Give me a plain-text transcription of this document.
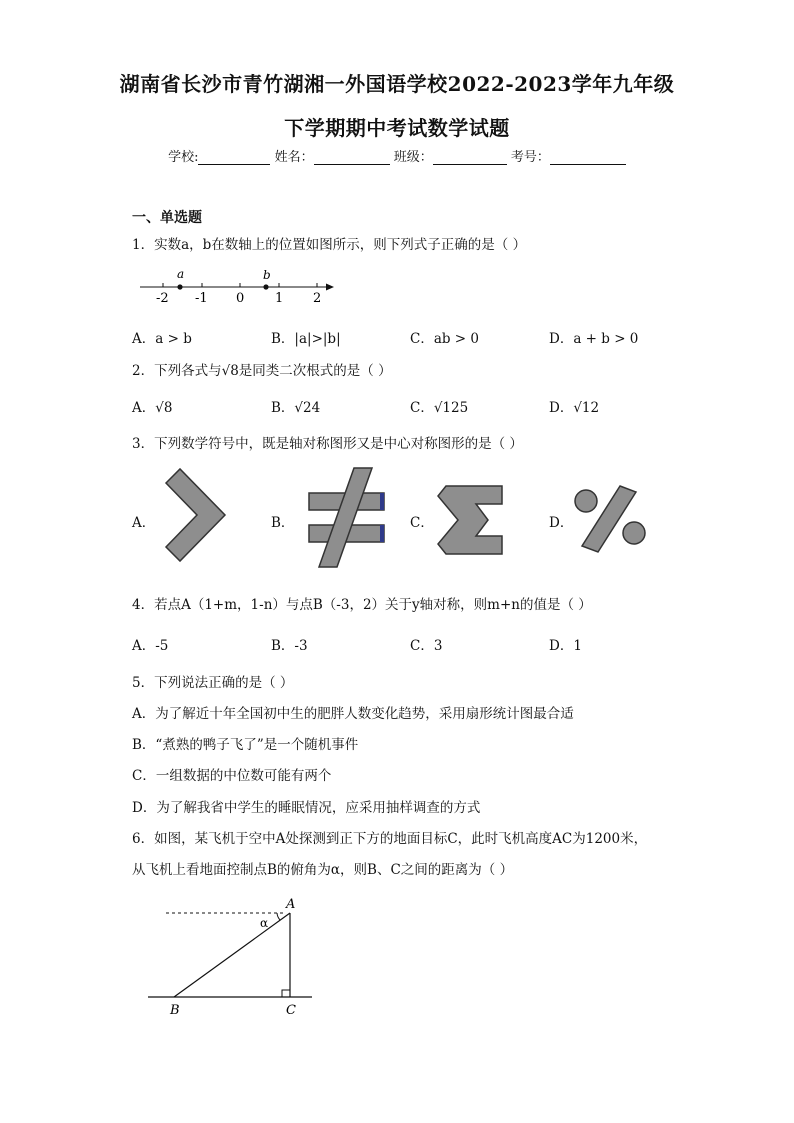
湖南省长沙市青竹湖湘一外国语学校2022-2023学年九年级
下学期期中考试数学试题
学校:	姓名：	班级：	考号：
一、单选题
1．实数a，b在数轴上的位置如图所示，则下列式子正确的是（ ）
a	b
-2 -1 0 1 2
A．a > b	B．|a|>|b|	C．ab > 0	D．a + b > 0
2．下列各式与√8是同类二次根式的是（ ）
A．√8	B．√24	C．√125	D．√12
3．下列数学符号中，既是轴对称图形又是中心对称图形的是（ ）
A．	B．	C．	D．
4．若点A（1+m，1-n）与点B（-3，2）关于y轴对称，则m+n的值是（ ）
A．-5	B．-3	C．3	D．1
5．下列说法正确的是（ ）
A．为了解近十年全国初中生的肥胖人数变化趋势，采用扇形统计图最合适
B．“煮熟的鸭子飞了”是一个随机事件
C．一组数据的中位数可能有两个
D．为了解我省中学生的睡眠情况，应采用抽样调查的方式
6．如图，某飞机于空中A处探测到正下方的地面目标C，此时飞机高度AC为1200米，
从飞机上看地面控制点B的俯角为α，则B、C之间的距离为（ ）
A
B	C
α
